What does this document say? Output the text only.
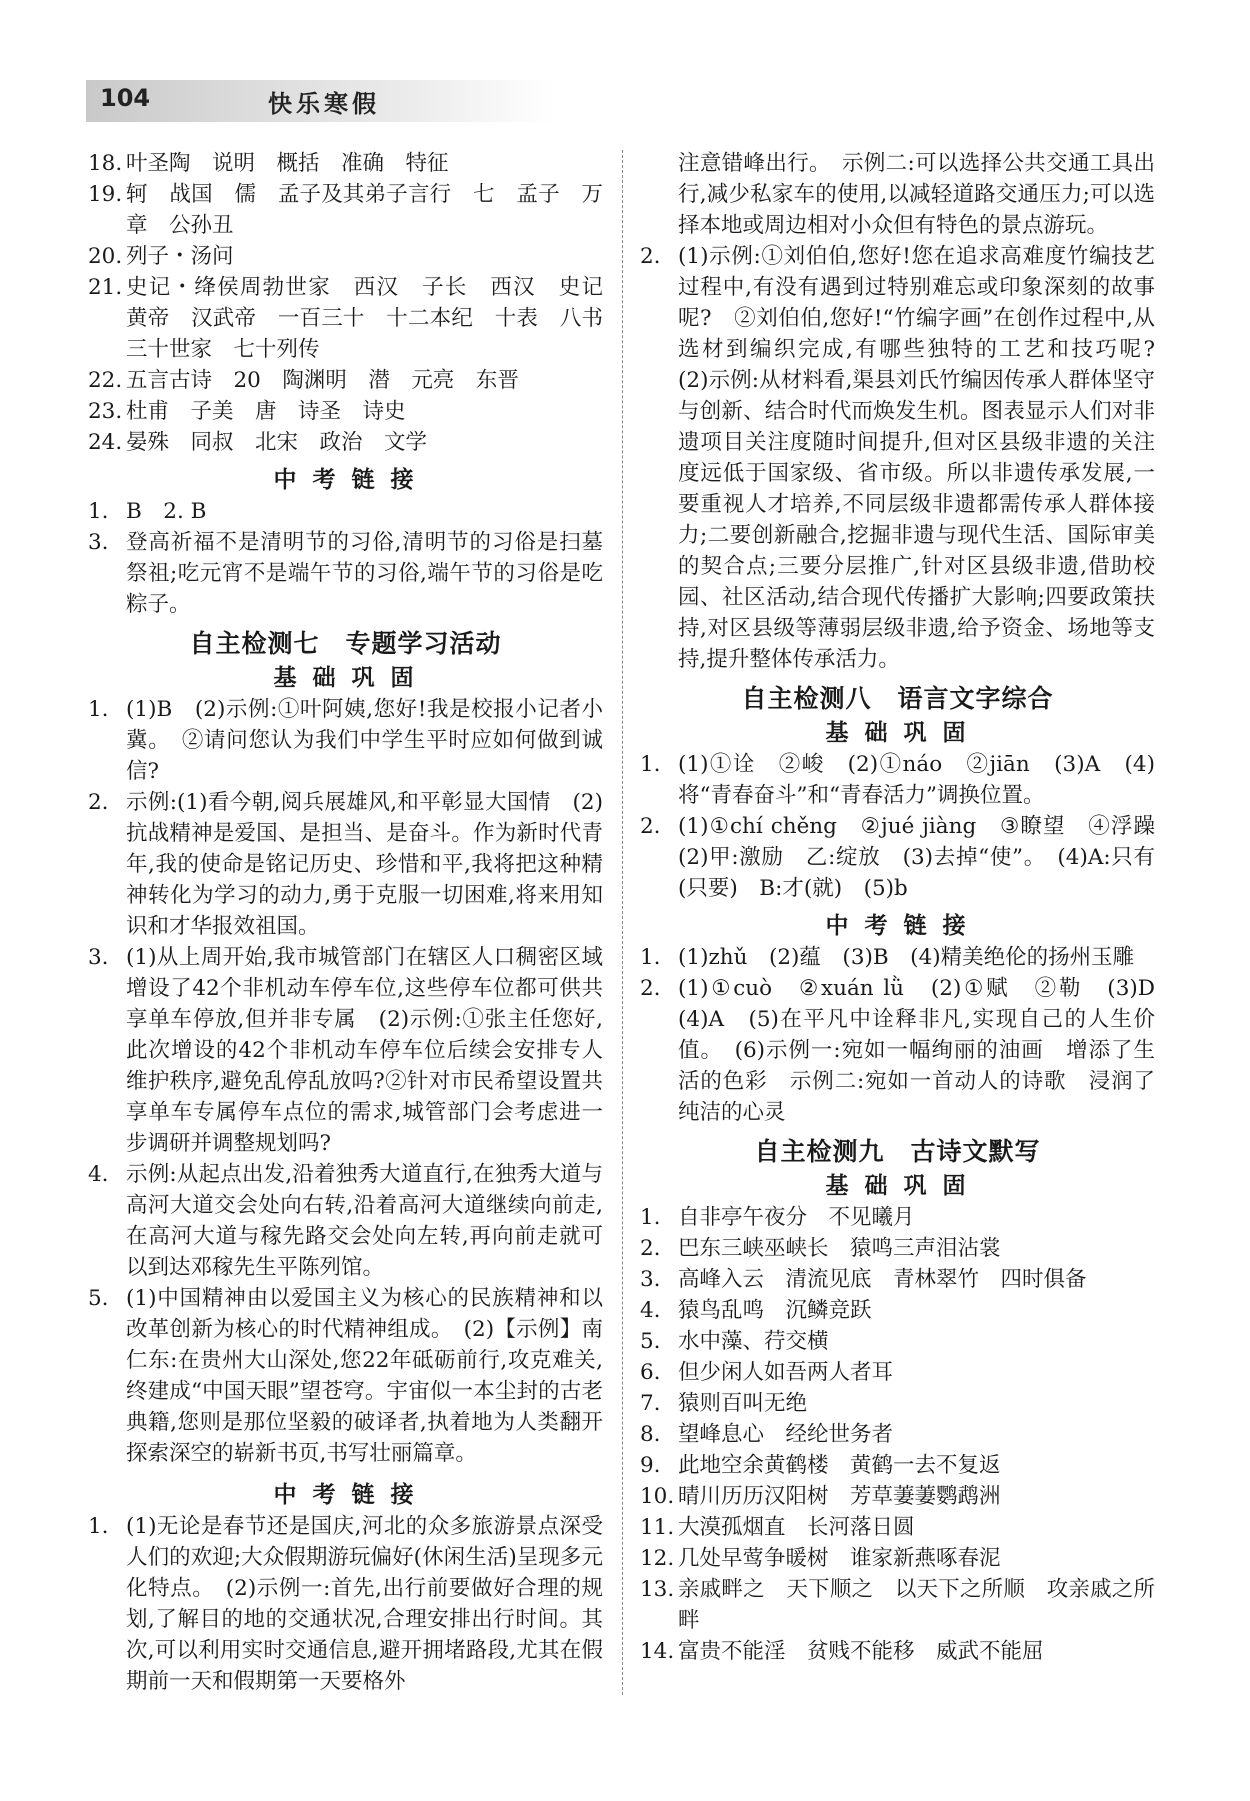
104	快乐寒假
18. 叶圣陶　说明　概括　准确　特征
19. 轲　战国　儒　孟子及其弟子言行　七　孟子　万章　公孙丑
20. 列子・汤问
21. 史记・绛侯周勃世家　西汉　子长　西汉　史记　黄帝　汉武帝　一百三十　十二本纪　十表　八书　三十世家　七十列传
22. 五言古诗　20　陶渊明　潜　元亮　东晋
23. 杜甫　子美　唐　诗圣　诗史
24. 晏殊　同叔　北宋　政治　文学
中 考 链 接
1. B　2. B
3. 登高祈福不是清明节的习俗,清明节的习俗是扫墓祭祖;吃元宵不是端午节的习俗,端午节的习俗是吃粽子。
自主检测七　专题学习活动
基 础 巩 固
1. (1)B　(2)示例:①叶阿姨,您好!我是校报小记者小冀。　②请问您认为我们中学生平时应如何做到诚信?
2. 示例:(1)看今朝,阅兵展雄风,和平彰显大国情　(2)抗战精神是爱国、是担当、是奋斗。作为新时代青年,我的使命是铭记历史、珍惜和平,我将把这种精神转化为学习的动力,勇于克服一切困难,将来用知识和才华报效祖国。
3. (1)从上周开始,我市城管部门在辖区人口稠密区域增设了42个非机动车停车位,这些停车位都可供共享单车停放,但并非专属　(2)示例:①张主任您好,此次增设的42个非机动车停车位后续会安排专人维护秩序,避免乱停乱放吗?②针对市民希望设置共享单车专属停车点位的需求,城管部门会考虑进一步调研并调整规划吗?
4. 示例:从起点出发,沿着独秀大道直行,在独秀大道与高河大道交会处向右转,沿着高河大道继续向前走,在高河大道与稼先路交会处向左转,再向前走就可以到达邓稼先生平陈列馆。
5. (1)中国精神由以爱国主义为核心的民族精神和以改革创新为核心的时代精神组成。　(2)【示例】南仁东:在贵州大山深处,您22年砥砺前行,攻克难关,终建成“中国天眼”望苍穹。宇宙似一本尘封的古老典籍,您则是那位坚毅的破译者,执着地为人类翻开探索深空的崭新书页,书写壮丽篇章。
中 考 链 接
1. (1)无论是春节还是国庆,河北的众多旅游景点深受人们的欢迎;大众假期游玩偏好(休闲生活)呈现多元化特点。　(2)示例一:首先,出行前要做好合理的规划,了解目的地的交通状况,合理安排出行时间。其次,可以利用实时交通信息,避开拥堵路段,尤其在假期前一天和假期第一天要格外
注意错峰出行。　示例二:可以选择公共交通工具出行,减少私家车的使用,以减轻道路交通压力;可以选择本地或周边相对小众但有特色的景点游玩。
2. (1)示例:①刘伯伯,您好!您在追求高难度竹编技艺过程中,有没有遇到过特别难忘或印象深刻的故事呢?　②刘伯伯,您好!“竹编字画”在创作过程中,从选材到编织完成,有哪些独特的工艺和技巧呢?　(2)示例:从材料看,渠县刘氏竹编因传承人群体坚守与创新、结合时代而焕发生机。图表显示人们对非遗项目关注度随时间提升,但对区县级非遗的关注度远低于国家级、省市级。所以非遗传承发展,一要重视人才培养,不同层级非遗都需传承人群体接力;二要创新融合,挖掘非遗与现代生活、国际审美的契合点;三要分层推广,针对区县级非遗,借助校园、社区活动,结合现代传播扩大影响;四要政策扶持,对区县级等薄弱层级非遗,给予资金、场地等支持,提升整体传承活力。
自主检测八　语言文字综合
基 础 巩 固
1. (1)①诠　②峻　(2)①náo　②jiān　(3)A　(4)将“青春奋斗”和“青春活力”调换位置。
2. (1)①chí chěng　②jué jiàng　③瞭望　④浮躁　(2)甲:激励　乙:绽放　(3)去掉“使”。　(4)A:只有(只要)　B:才(就)　(5)b
中 考 链 接
1. (1)zhǔ　(2)蕴　(3)B　(4)精美绝伦的扬州玉雕
2. (1)①cuò　②xuán lǜ　(2)①赋　②勒　(3)D　(4)A　(5)在平凡中诠释非凡,实现自己的人生价值。　(6)示例一:宛如一幅绚丽的油画　增添了生活的色彩　示例二:宛如一首动人的诗歌　浸润了纯洁的心灵
自主检测九　古诗文默写
基 础 巩 固
1. 自非亭午夜分　不见曦月
2. 巴东三峡巫峡长　猿鸣三声泪沾裳
3. 高峰入云　清流见底　青林翠竹　四时俱备
4. 猿鸟乱鸣　沉鳞竞跃
5. 水中藻、荇交横
6. 但少闲人如吾两人者耳
7. 猿则百叫无绝
8. 望峰息心　经纶世务者
9. 此地空余黄鹤楼　黄鹤一去不复返
10. 晴川历历汉阳树　芳草萋萋鹦鹉洲
11. 大漠孤烟直　长河落日圆
12. 几处早莺争暖树　谁家新燕啄春泥
13. 亲戚畔之　天下顺之　以天下之所顺　攻亲戚之所畔
14. 富贵不能淫　贫贱不能移　威武不能屈
